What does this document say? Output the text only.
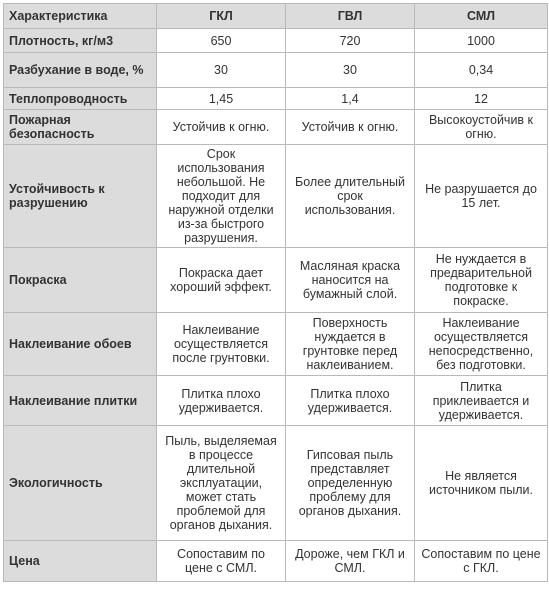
Характеристика	ГКЛ	ГВЛ	СМЛ
Плотность, кг/м3	650	720	1000
Разбухание в воде, %	30	30	0,34
Теплопроводность	1,45	1,4	12
Пожарная безопасность	Устойчив к огню.	Устойчив к огню.	Высокоустойчив к огню.
Устойчивость к разрушению	Срок использования небольшой. Не подходит для наружной отделки из-за быстрого разрушения.	Более длительный срок использования.	Не разрушается до 15 лет.
Покраска	Покраска дает хороший эффект.	Масляная краска наносится на бумажный слой.	Не нуждается в предварительной подготовке к покраске.
Наклеивание обоев	Наклеивание осуществляется после грунтовки.	Поверхность нуждается в грунтовке перед наклеиванием.	Наклеивание осуществляется непосредственно, без подготовки.
Наклеивание плитки	Плитка плохо удерживается.	Плитка плохо удерживается.	Плитка приклеивается и удерживается.
Экологичность	Пыль, выделяемая в процессе длительной эксплуатации, может стать проблемой для органов дыхания.	Гипсовая пыль представляет определенную проблему для органов дыхания.	Не является источником пыли.
Цена	Сопоставим по цене с СМЛ.	Дороже, чем ГКЛ и СМЛ.	Сопоставим по цене с ГКЛ.
